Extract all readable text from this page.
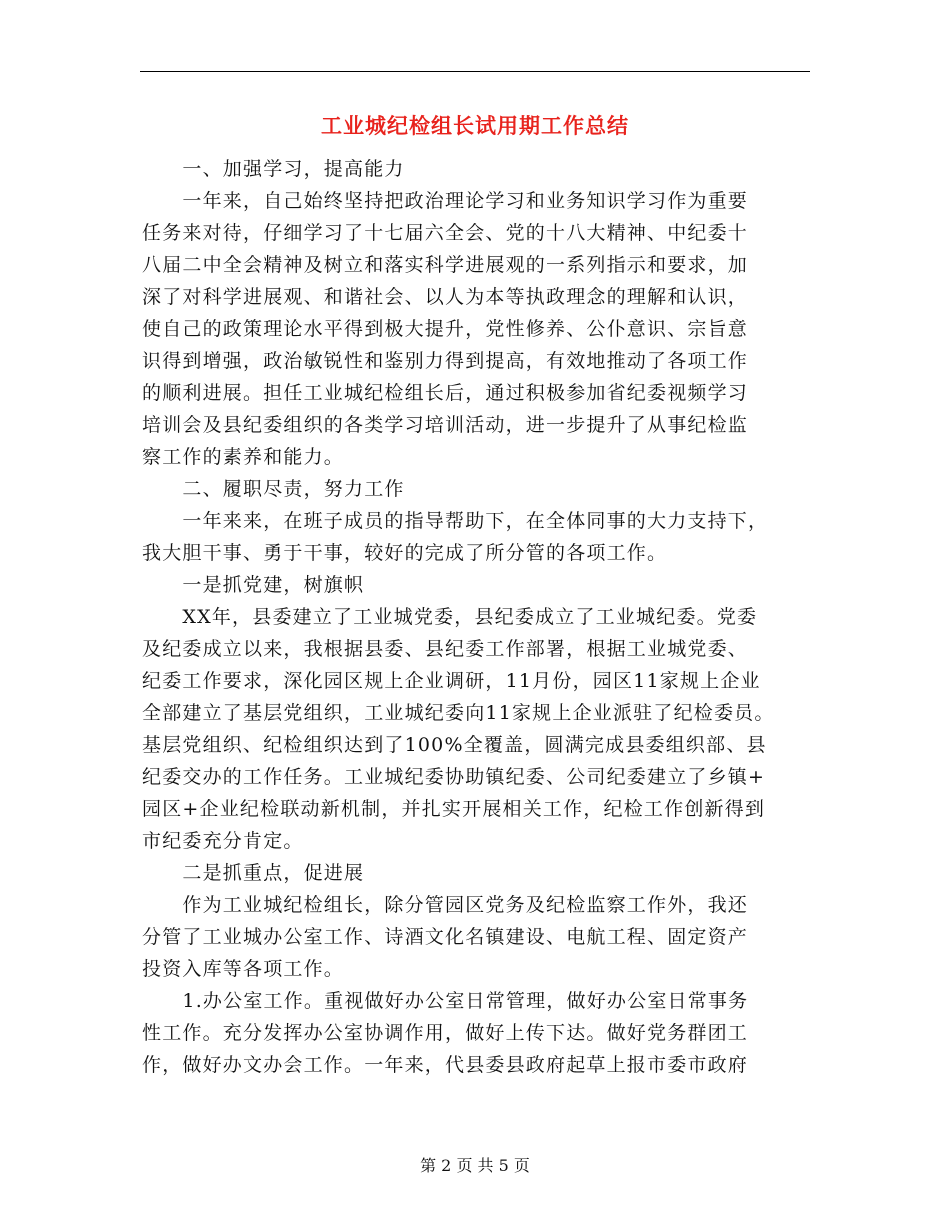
工业城纪检组长试用期工作总结
　　一、加强学习，提高能力
　　一年来，自己始终坚持把政治理论学习和业务知识学习作为重要
任务来对待，仔细学习了十七届六全会、党的十八大精神、中纪委十
八届二中全会精神及树立和落实科学进展观的一系列指示和要求，加
深了对科学进展观、和谐社会、以人为本等执政理念的理解和认识，
使自己的政策理论水平得到极大提升，党性修养、公仆意识、宗旨意
识得到增强，政治敏锐性和鉴别力得到提高，有效地推动了各项工作
的顺利进展。担任工业城纪检组长后，通过积极参加省纪委视频学习
培训会及县纪委组织的各类学习培训活动，进一步提升了从事纪检监
察工作的素养和能力。
　　二、履职尽责，努力工作
　　一年来来，在班子成员的指导帮助下，在全体同事的大力支持下，
我大胆干事、勇于干事，较好的完成了所分管的各项工作。
　　一是抓党建，树旗帜
　　XX年，县委建立了工业城党委，县纪委成立了工业城纪委。党委
及纪委成立以来，我根据县委、县纪委工作部署，根据工业城党委、
纪委工作要求，深化园区规上企业调研，11月份，园区11家规上企业
全部建立了基层党组织，工业城纪委向11家规上企业派驻了纪检委员。
基层党组织、纪检组织达到了100%全覆盖，圆满完成县委组织部、县
纪委交办的工作任务。工业城纪委协助镇纪委、公司纪委建立了乡镇+
园区+企业纪检联动新机制，并扎实开展相关工作，纪检工作创新得到
市纪委充分肯定。
　　二是抓重点，促进展
　　作为工业城纪检组长，除分管园区党务及纪检监察工作外，我还
分管了工业城办公室工作、诗酒文化名镇建设、电航工程、固定资产
投资入库等各项工作。
　　1.办公室工作。重视做好办公室日常管理，做好办公室日常事务
性工作。充分发挥办公室协调作用，做好上传下达。做好党务群团工
作，做好办文办会工作。一年来，代县委县政府起草上报市委市政府
第 2 页 共 5 页
